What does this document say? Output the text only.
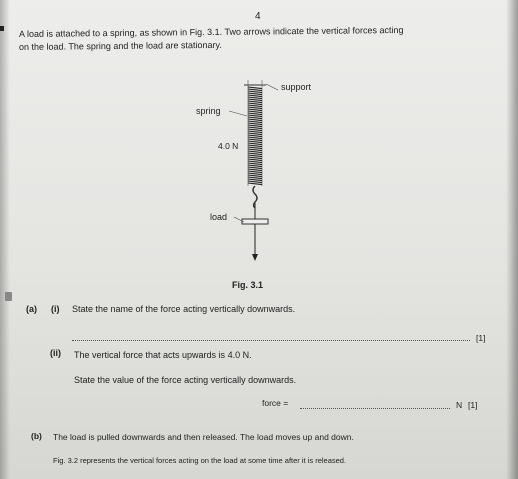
4
A load is attached to a spring, as shown in Fig. 3.1. Two arrows indicate the vertical forces acting
on the load. The spring and the load are stationary.
support
spring
4.0 N
load
Fig. 3.1
(a) (i) State the name of the force acting vertically downwards.
[1]
(ii) The vertical force that acts upwards is 4.0 N.
State the value of the force acting vertically downwards.
force =	N [1]
(b) The load is pulled downwards and then released. The load moves up and down.
Fig. 3.2 represents the vertical forces acting on the load at some time after it is released.
